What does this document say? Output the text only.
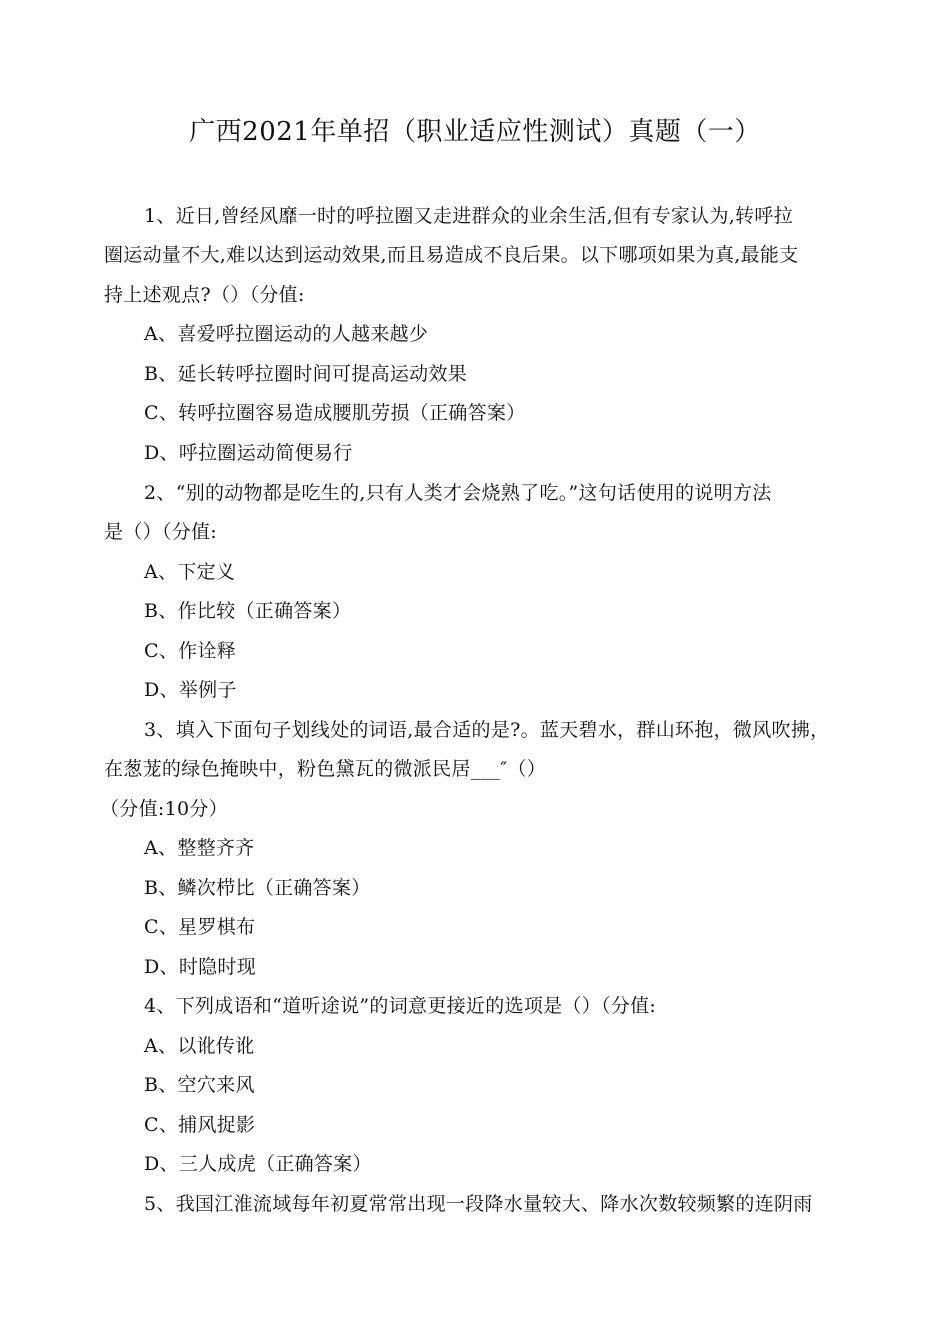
广西2021年单招（职业适应性测试）真题（一）
1、近日,曾经风靡一时的呼拉圈又走进群众的业余生活,但有专家认为,转呼拉
圈运动量不大,难以达到运动效果,而且易造成不良后果。以下哪项如果为真,最能支
持上述观点?（）（分值:
A、喜爱呼拉圈运动的人越来越少
B、延长转呼拉圈时间可提高运动效果
C、转呼拉圈容易造成腰肌劳损（正确答案）
D、呼拉圈运动简便易行
2、“别的动物都是吃生的,只有人类才会烧熟了吃。”这句话使用的说明方法
是（）（分值:
A、下定义
B、作比较（正确答案）
C、作诠释
D、举例子
3、填入下面句子划线处的词语,最合适的是?。蓝天碧水，群山环抱，微风吹拂，
在葱茏的绿色掩映中，粉色黛瓦的微派民居___″（）
（分值:10分）
A、整整齐齐
B、鳞次栉比（正确答案）
C、星罗棋布
D、时隐时现
4、下列成语和“道听途说”的词意更接近的选项是（）（分值:
A、以讹传讹
B、空穴来风
C、捕风捉影
D、三人成虎（正确答案）
5、我国江淮流域每年初夏常常出现一段降水量较大、降水次数较频繁的连阴雨
